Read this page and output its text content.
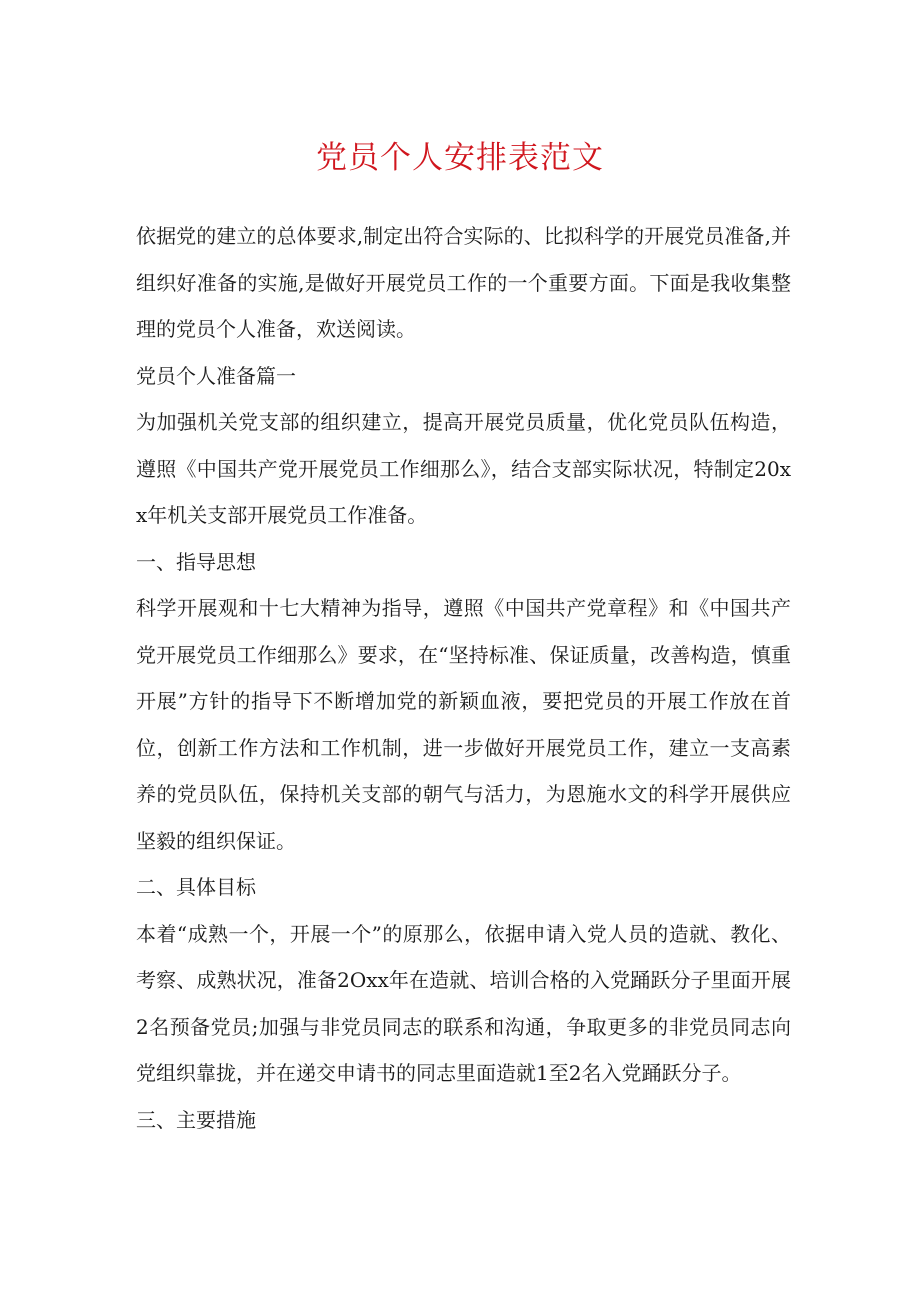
党员个人安排表范文

依据党的建立的总体要求,制定出符合实际的、比拟科学的开展党员准备,并组织好准备的实施,是做好开展党员工作的一个重要方面。下面是我收集整理的党员个人准备，欢送阅读。

党员个人准备篇一

为加强机关党支部的组织建立，提高开展党员质量，优化党员队伍构造，遵照《中国共产党开展党员工作细那么》，结合支部实际状况，特制定20xx年机关支部开展党员工作准备。

一、指导思想

科学开展观和十七大精神为指导，遵照《中国共产党章程》和《中国共产党开展党员工作细那么》要求，在“坚持标准、保证质量，改善构造，慎重开展”方针的指导下不断增加党的新颖血液，要把党员的开展工作放在首位，创新工作方法和工作机制，进一步做好开展党员工作，建立一支高素养的党员队伍，保持机关支部的朝气与活力，为恩施水文的科学开展供应坚毅的组织保证。

二、具体目标

本着“成熟一个，开展一个”的原那么，依据申请入党人员的造就、教化、考察、成熟状况，准备2Oxx年在造就、培训合格的入党踊跃分子里面开展2名预备党员;加强与非党员同志的联系和沟通，争取更多的非党员同志向党组织靠拢，并在递交申请书的同志里面造就1至2名入党踊跃分子。

三、主要措施
